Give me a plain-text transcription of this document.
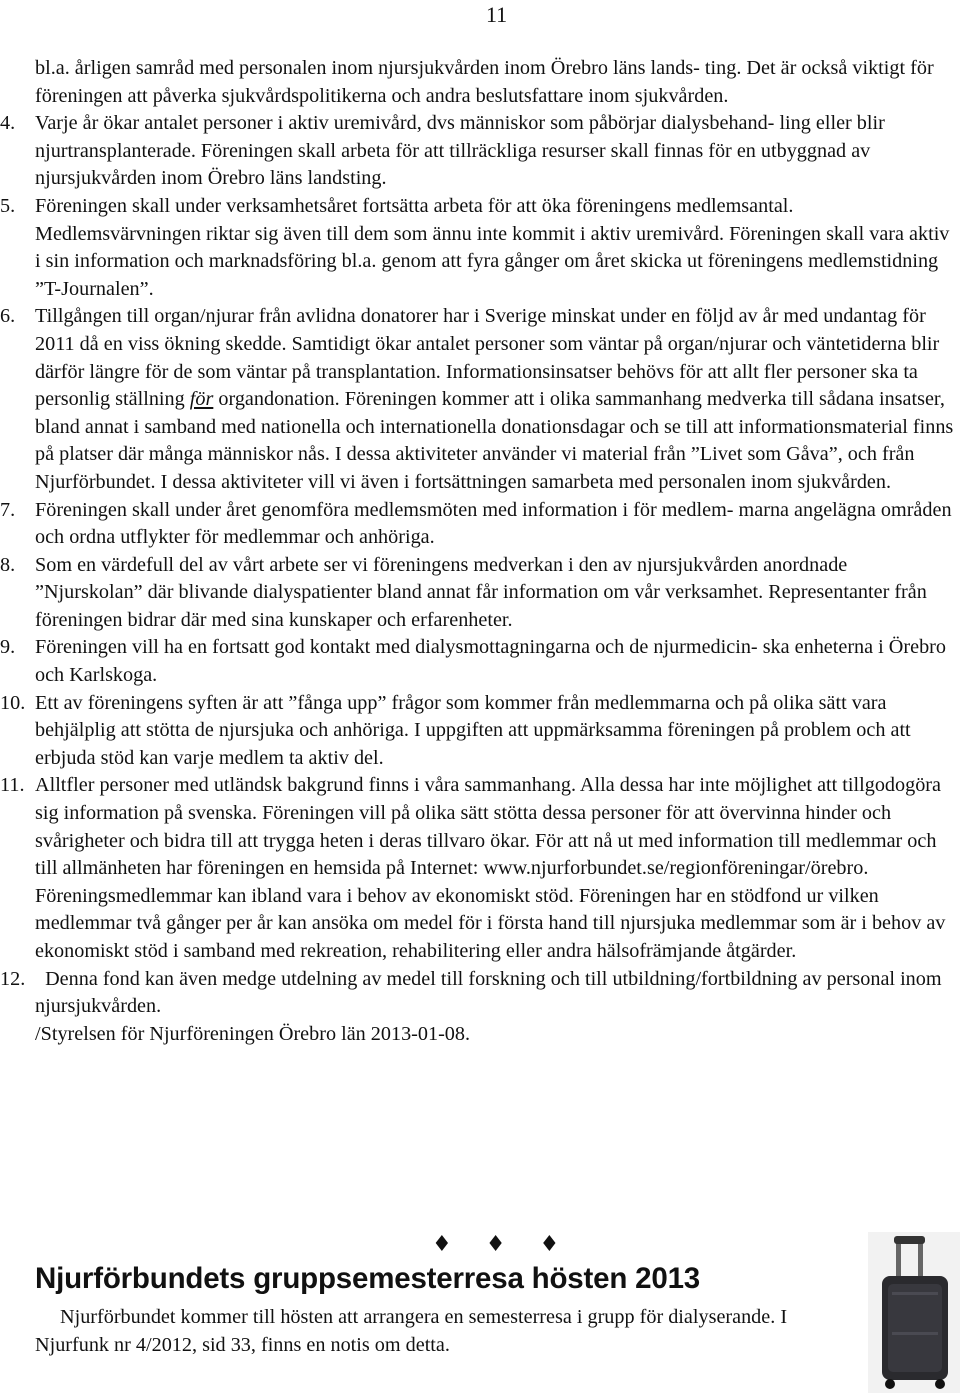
11

bl.a. årligen samråd med personalen inom njursjukvården inom Örebro läns lands- ting. Det är också viktigt för föreningen att påverka sjukvårdspolitikerna och andra beslutsfattare inom sjukvården.

4. Varje år ökar antalet personer i aktiv uremivård, dvs människor som påbörjar dialysbehand- ling eller blir njurtransplanterade. Föreningen skall arbeta för att tillräckliga resurser skall finnas för en utbyggnad av njursjukvården inom Örebro läns landsting.
5. Föreningen skall under verksamhetsåret fortsätta arbeta för att öka föreningens medlemsantal. Medlemsvärvningen riktar sig även till dem som ännu inte kommit i aktiv uremivård. Föreningen skall vara aktiv i sin information och marknadsföring bl.a. genom att fyra gånger om året skicka ut föreningens medlemstidning ”T-Journalen”.
6. Tillgången till organ/njurar från avlidna donatorer har i Sverige minskat under en följd av år med undantag för 2011 då en viss ökning skedde. Samtidigt ökar antalet personer som väntar på organ/njurar och väntetiderna blir därför längre för de som väntar på transplantation. Informationsinsatser behövs för att allt fler personer ska ta personlig ställning för organdonation. Föreningen kommer att i olika sammanhang medverka till sådana insatser, bland annat i samband med nationella och internationella donationsdagar och se till att informationsmaterial finns på platser där många människor nås. I dessa aktiviteter använder vi material från ”Livet som Gåva”, och från Njurförbundet. I dessa aktiviteter vill vi även i fortsättningen samarbeta med personalen inom sjukvården.
7. Föreningen skall under året genomföra medlemsmöten med information i för medlem- marna angelägna områden och ordna utflykter för medlemmar och anhöriga.
8. Som en värdefull del av vårt arbete ser vi föreningens medverkan i den av njursjukvården anordnade ”Njurskolan” där blivande dialyspatienter bland annat får information om vår verksamhet. Representanter från föreningen bidrar där med sina kunskaper och erfarenheter.
9. Föreningen vill ha en fortsatt god kontakt med dialysmottagningarna och de njurmedicin- ska enheterna i Örebro och Karlskoga.
10. Ett av föreningens syften är att ”fånga upp” frågor som kommer från medlemmarna och på olika sätt vara behjälplig att stötta de njursjuka och anhöriga. I uppgiften att uppmärksamma föreningen på problem och att erbjuda stöd kan varje medlem ta aktiv del.
11. Alltfler personer med utländsk bakgrund finns i våra sammanhang. Alla dessa har inte möjlighet att tillgodogöra sig information på svenska. Föreningen vill på olika sätt stötta dessa personer för att övervinna hinder och svårigheter och bidra till att trygga heten i deras tillvaro ökar. För att nå ut med information till medlemmar och till allmänheten har föreningen en hemsida på Internet: www.njurforbundet.se/regionföreningar/örebro.
Föreningsmedlemmar kan ibland vara i behov av ekonomiskt stöd. Föreningen har en stödfond ur vilken medlemmar två gånger per år kan ansöka om medel för i första hand till njursjuka medlemmar som är i behov av ekonomiskt stöd i samband med rekreation, rehabilitering eller andra hälsofrämjande åtgärder.
12. Denna fond kan även medge utdelning av medel till forskning och till utbildning/fortbildning av personal inom njursjukvården.
/Styrelsen för Njurföreningen Örebro län 2013-01-08.
♦♦♦
Njurförbundets gruppsemesterresa hösten 2013
Njurförbundet kommer till hösten att arrangera en semesterresa i grupp för dialyserande. I Njurfunk nr 4/2012, sid 33, finns en notis om detta.
